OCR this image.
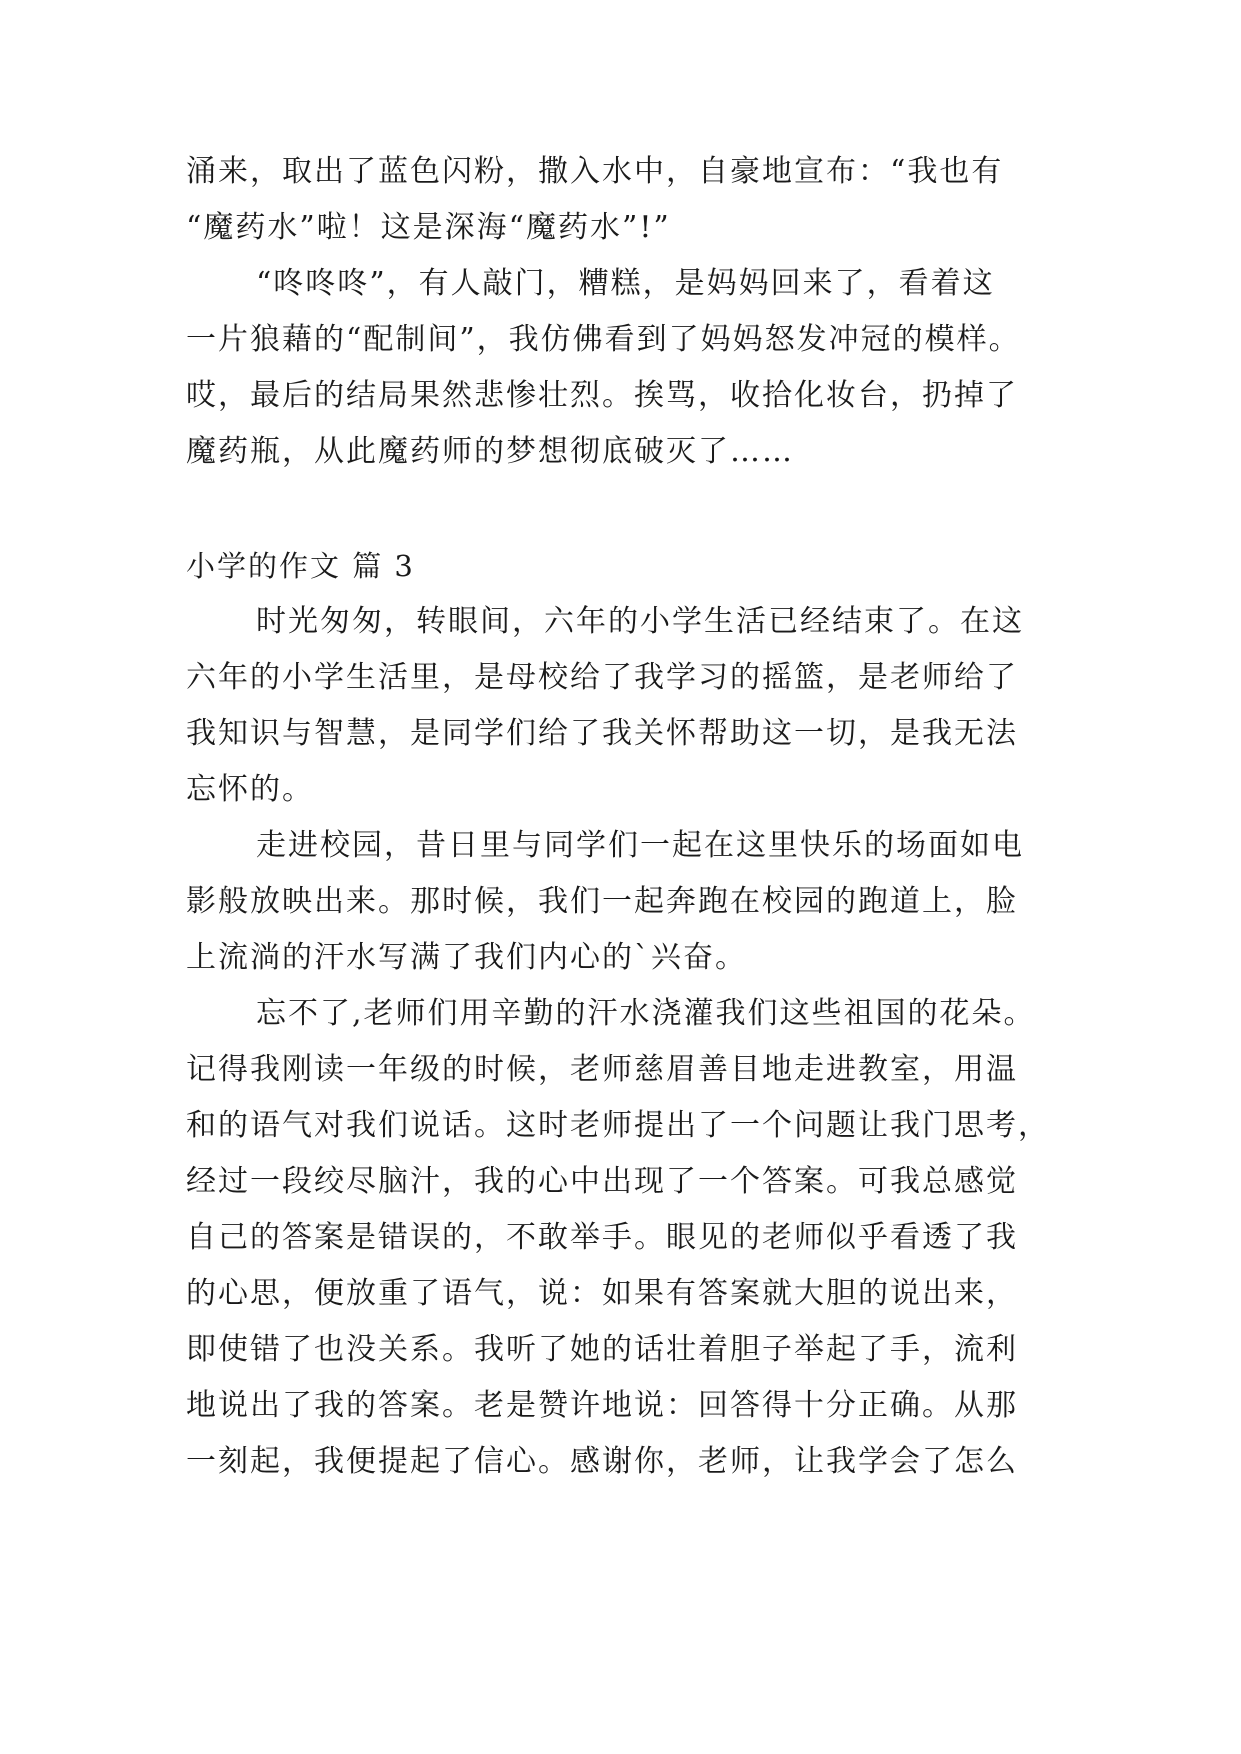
涌来，取出了蓝色闪粉，撒入水中，自豪地宣布：“我也有
“魔药水”啦！这是深海“魔药水”!”
“咚咚咚”，有人敲门，糟糕，是妈妈回来了，看着这
一片狼藉的“配制间”，我仿佛看到了妈妈怒发冲冠的模样。
哎，最后的结局果然悲惨壮烈。挨骂，收拾化妆台，扔掉了
魔药瓶，从此魔药师的梦想彻底破灭了……
小学的作文 篇 3
时光匆匆，转眼间，六年的小学生活已经结束了。在这
六年的小学生活里，是母校给了我学习的摇篮，是老师给了
我知识与智慧，是同学们给了我关怀帮助这一切，是我无法
忘怀的。
走进校园，昔日里与同学们一起在这里快乐的场面如电
影般放映出来。那时候，我们一起奔跑在校园的跑道上，脸
上流淌的汗水写满了我们内心的`兴奋。
忘不了,老师们用辛勤的汗水浇灌我们这些祖国的花朵。
记得我刚读一年级的时候，老师慈眉善目地走进教室，用温
和的语气对我们说话。这时老师提出了一个问题让我门思考，
经过一段绞尽脑汁，我的心中出现了一个答案。可我总感觉
自己的答案是错误的，不敢举手。眼见的老师似乎看透了我
的心思，便放重了语气，说：如果有答案就大胆的说出来，
即使错了也没关系。我听了她的话壮着胆子举起了手，流利
地说出了我的答案。老是赞许地说：回答得十分正确。从那
一刻起，我便提起了信心。感谢你，老师，让我学会了怎么
